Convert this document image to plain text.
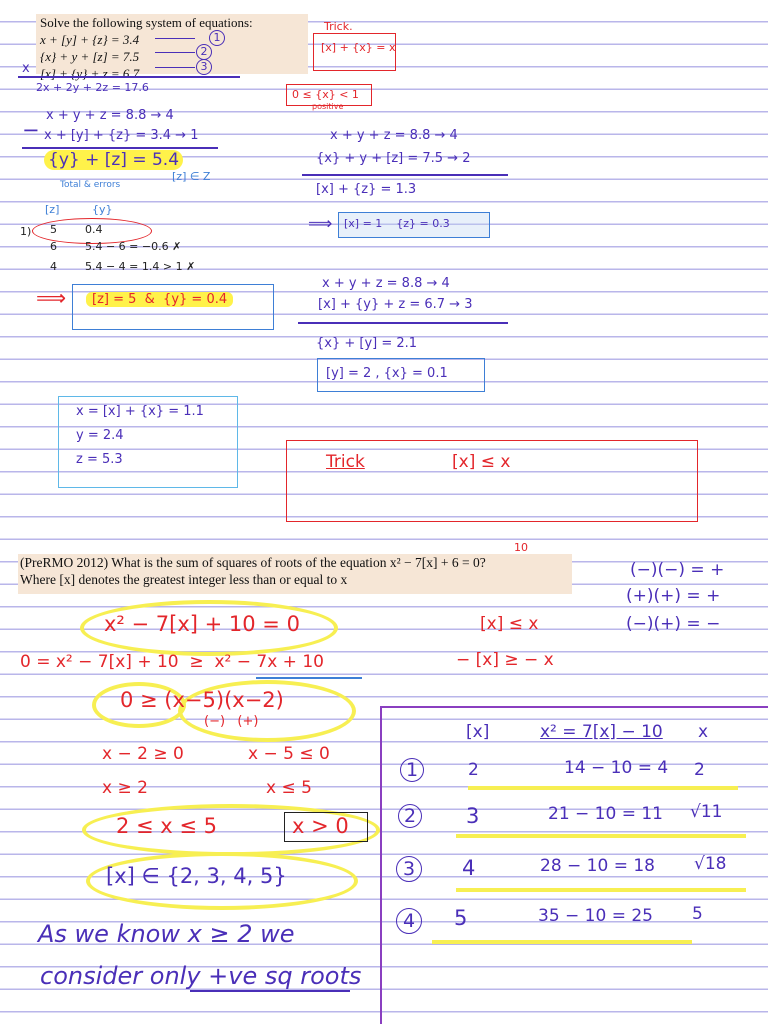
Solve the following system of equations:
x + [y] + {z} = 3.4
{x} + y + [z] = 7.5
[x] + {y} + z = 6.7
x
1
2
3
Trick.
[x] + {x} = x
0 ≤ {x} < 1
positive
2x + 2y + 2z = 17.6
x + y + z = 8.8 → 4
− x + [y] + {z} = 3.4 → 1
{y} + [z] = 5.4
Total & errors
[z] ∈ Z
[z]	{y}
1) 5        0.4
6        5.4 − 6 = −0.6 ✗
4        5.4 − 4 = 1.4 > 1 ✗
⟹	[z] = 5  &  {y} = 0.4
x + y + z = 8.8 → 4
{x} + y + [z] = 7.5 → 2
[x] + {z} = 1.3
⟹ [x] = 1    {z} = 0.3
x + y + z = 8.8 → 4
[x] + {y} + z = 6.7 → 3
{x} + [y] = 2.1
[y] = 2 , {x} = 0.1
x = [x] + {x} = 1.1
y = 2.4
z = 5.3	Trick	[x] ≤ x
10
(PreRMO 2012) What is the sum of squares of roots of the equation x² − 7[x] + 6 = 0?
Where [x] denotes the greatest integer less than or equal to x	(−)(−) = +
(+)(+) = +
(−)(+) = −
x² − 7[x] + 10 = 0
0 = x² − 7[x] + 10  ≥  x² − 7x + 10
0 ≥ (x−5)(x−2)
(−)   (+)
x − 2 ≥ 0	x − 5 ≤ 0
x ≥ 2	x ≤ 5
2 ≤ x ≤ 5	x > 0
[x] ∈ {2, 3, 4, 5}
As we know x ≥ 2 we
consider only +ve sq roots
[x] ≤ x
− [x] ≥ − x
[x]	x² = 7[x] − 10 x
1	2	14 − 10 = 4 2
2 3	21 − 10 = 11 √11
3	4	28 − 10 = 18 √18
4	5	35 − 10 = 25 5
